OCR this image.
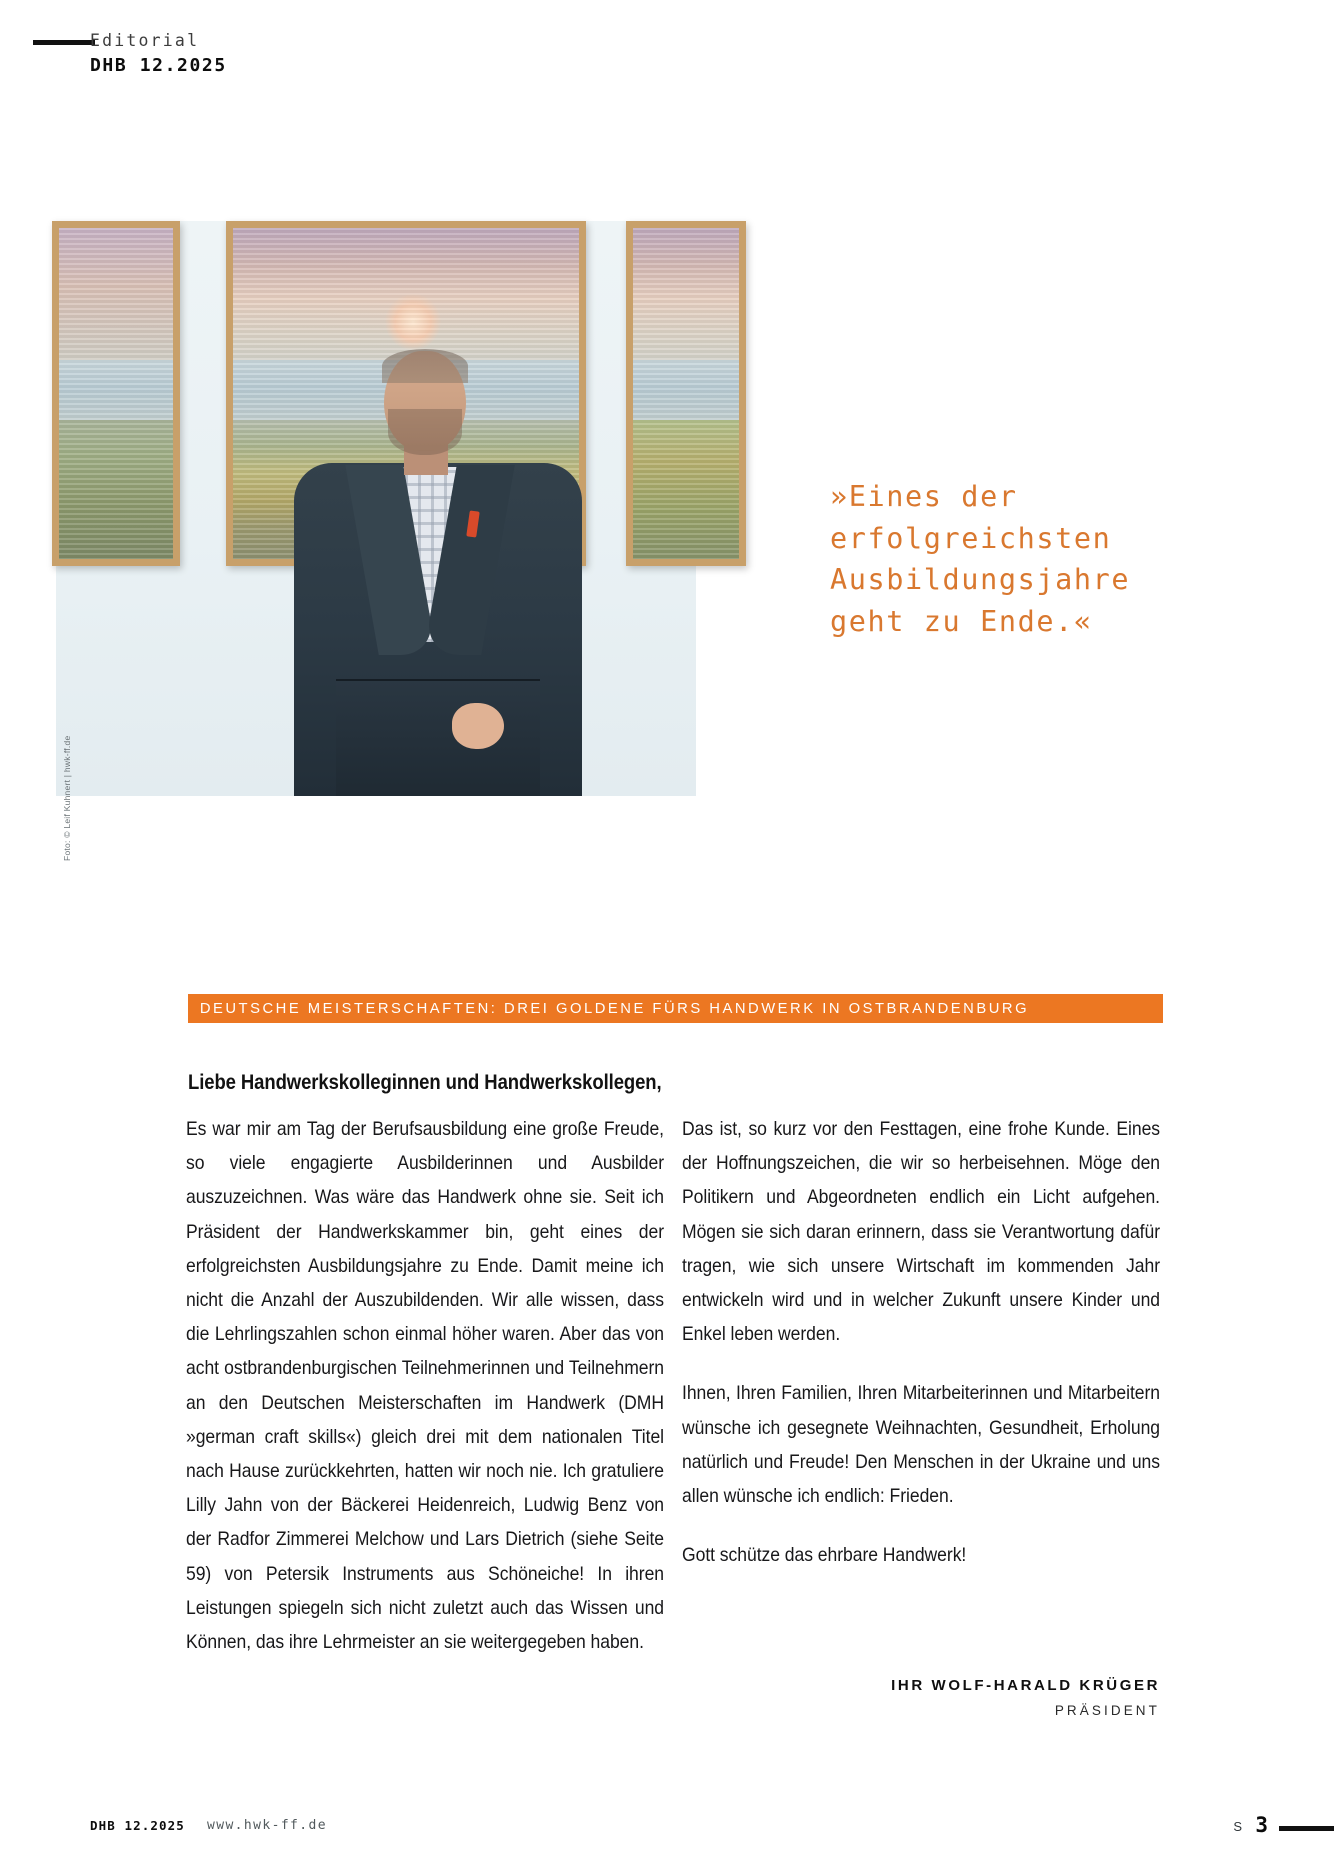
Editorial
DHB 12.2025
Foto: © Leif Kuhnert | hwk-ff.de
»Eines der
erfolgreichsten
Ausbildungsjahre
geht zu Ende.«
DEUTSCHE MEISTERSCHAFTEN: DREI GOLDENE FÜRS HANDWERK IN OSTBRANDENBURG
Liebe Handwerkskolleginnen und Handwerkskollegen,

Es war mir am Tag der Berufsausbildung eine große Freude, so viele engagierte Ausbilderinnen und Ausbilder auszuzeichnen. Was wäre das Handwerk ohne sie. Seit ich Präsident der Handwerkskammer bin, geht eines der erfolgreichsten Ausbildungsjahre zu Ende. Damit meine ich nicht die Anzahl der Auszubildenden. Wir alle wissen, dass die Lehrlingszahlen schon einmal höher waren. Aber das von acht ostbrandenburgischen Teilnehmerinnen und Teilnehmern an den Deutschen Meisterschaften im Handwerk (DMH »german craft skills«) gleich drei mit dem nationalen Titel nach Hause zurückkehrten, hatten wir noch nie. Ich gratuliere Lilly Jahn von der Bäckerei Heidenreich, Ludwig Benz von der Radfor Zimmerei Melchow und Lars Dietrich (siehe Seite 59) von Petersik Instruments aus Schöneiche! In ihren Leistungen spiegeln sich nicht zuletzt auch das Wissen und Können, das ihre Lehrmeister an sie weitergegeben haben.

Das ist, so kurz vor den Festtagen, eine frohe Kunde. Eines der Hoffnungszeichen, die wir so herbeisehnen. Möge den Politikern und Abgeordneten endlich ein Licht aufgehen. Mögen sie sich daran erinnern, dass sie Verantwortung dafür tragen, wie sich unsere Wirtschaft im kommenden Jahr entwickeln wird und in welcher Zukunft unsere Kinder und Enkel leben werden.

Ihnen, Ihren Familien, Ihren Mitarbeiterinnen und Mitarbeitern wünsche ich gesegnete Weihnachten, Gesundheit, Erholung natürlich und Freude! Den Menschen in der Ukraine und uns allen wünsche ich endlich: Frieden.

Gott schütze das ehrbare Handwerk!

IHR WOLF-HARALD KRÜGER
PRÄSIDENT
DHB 12.2025 www.hwk-ff.de	S 3
